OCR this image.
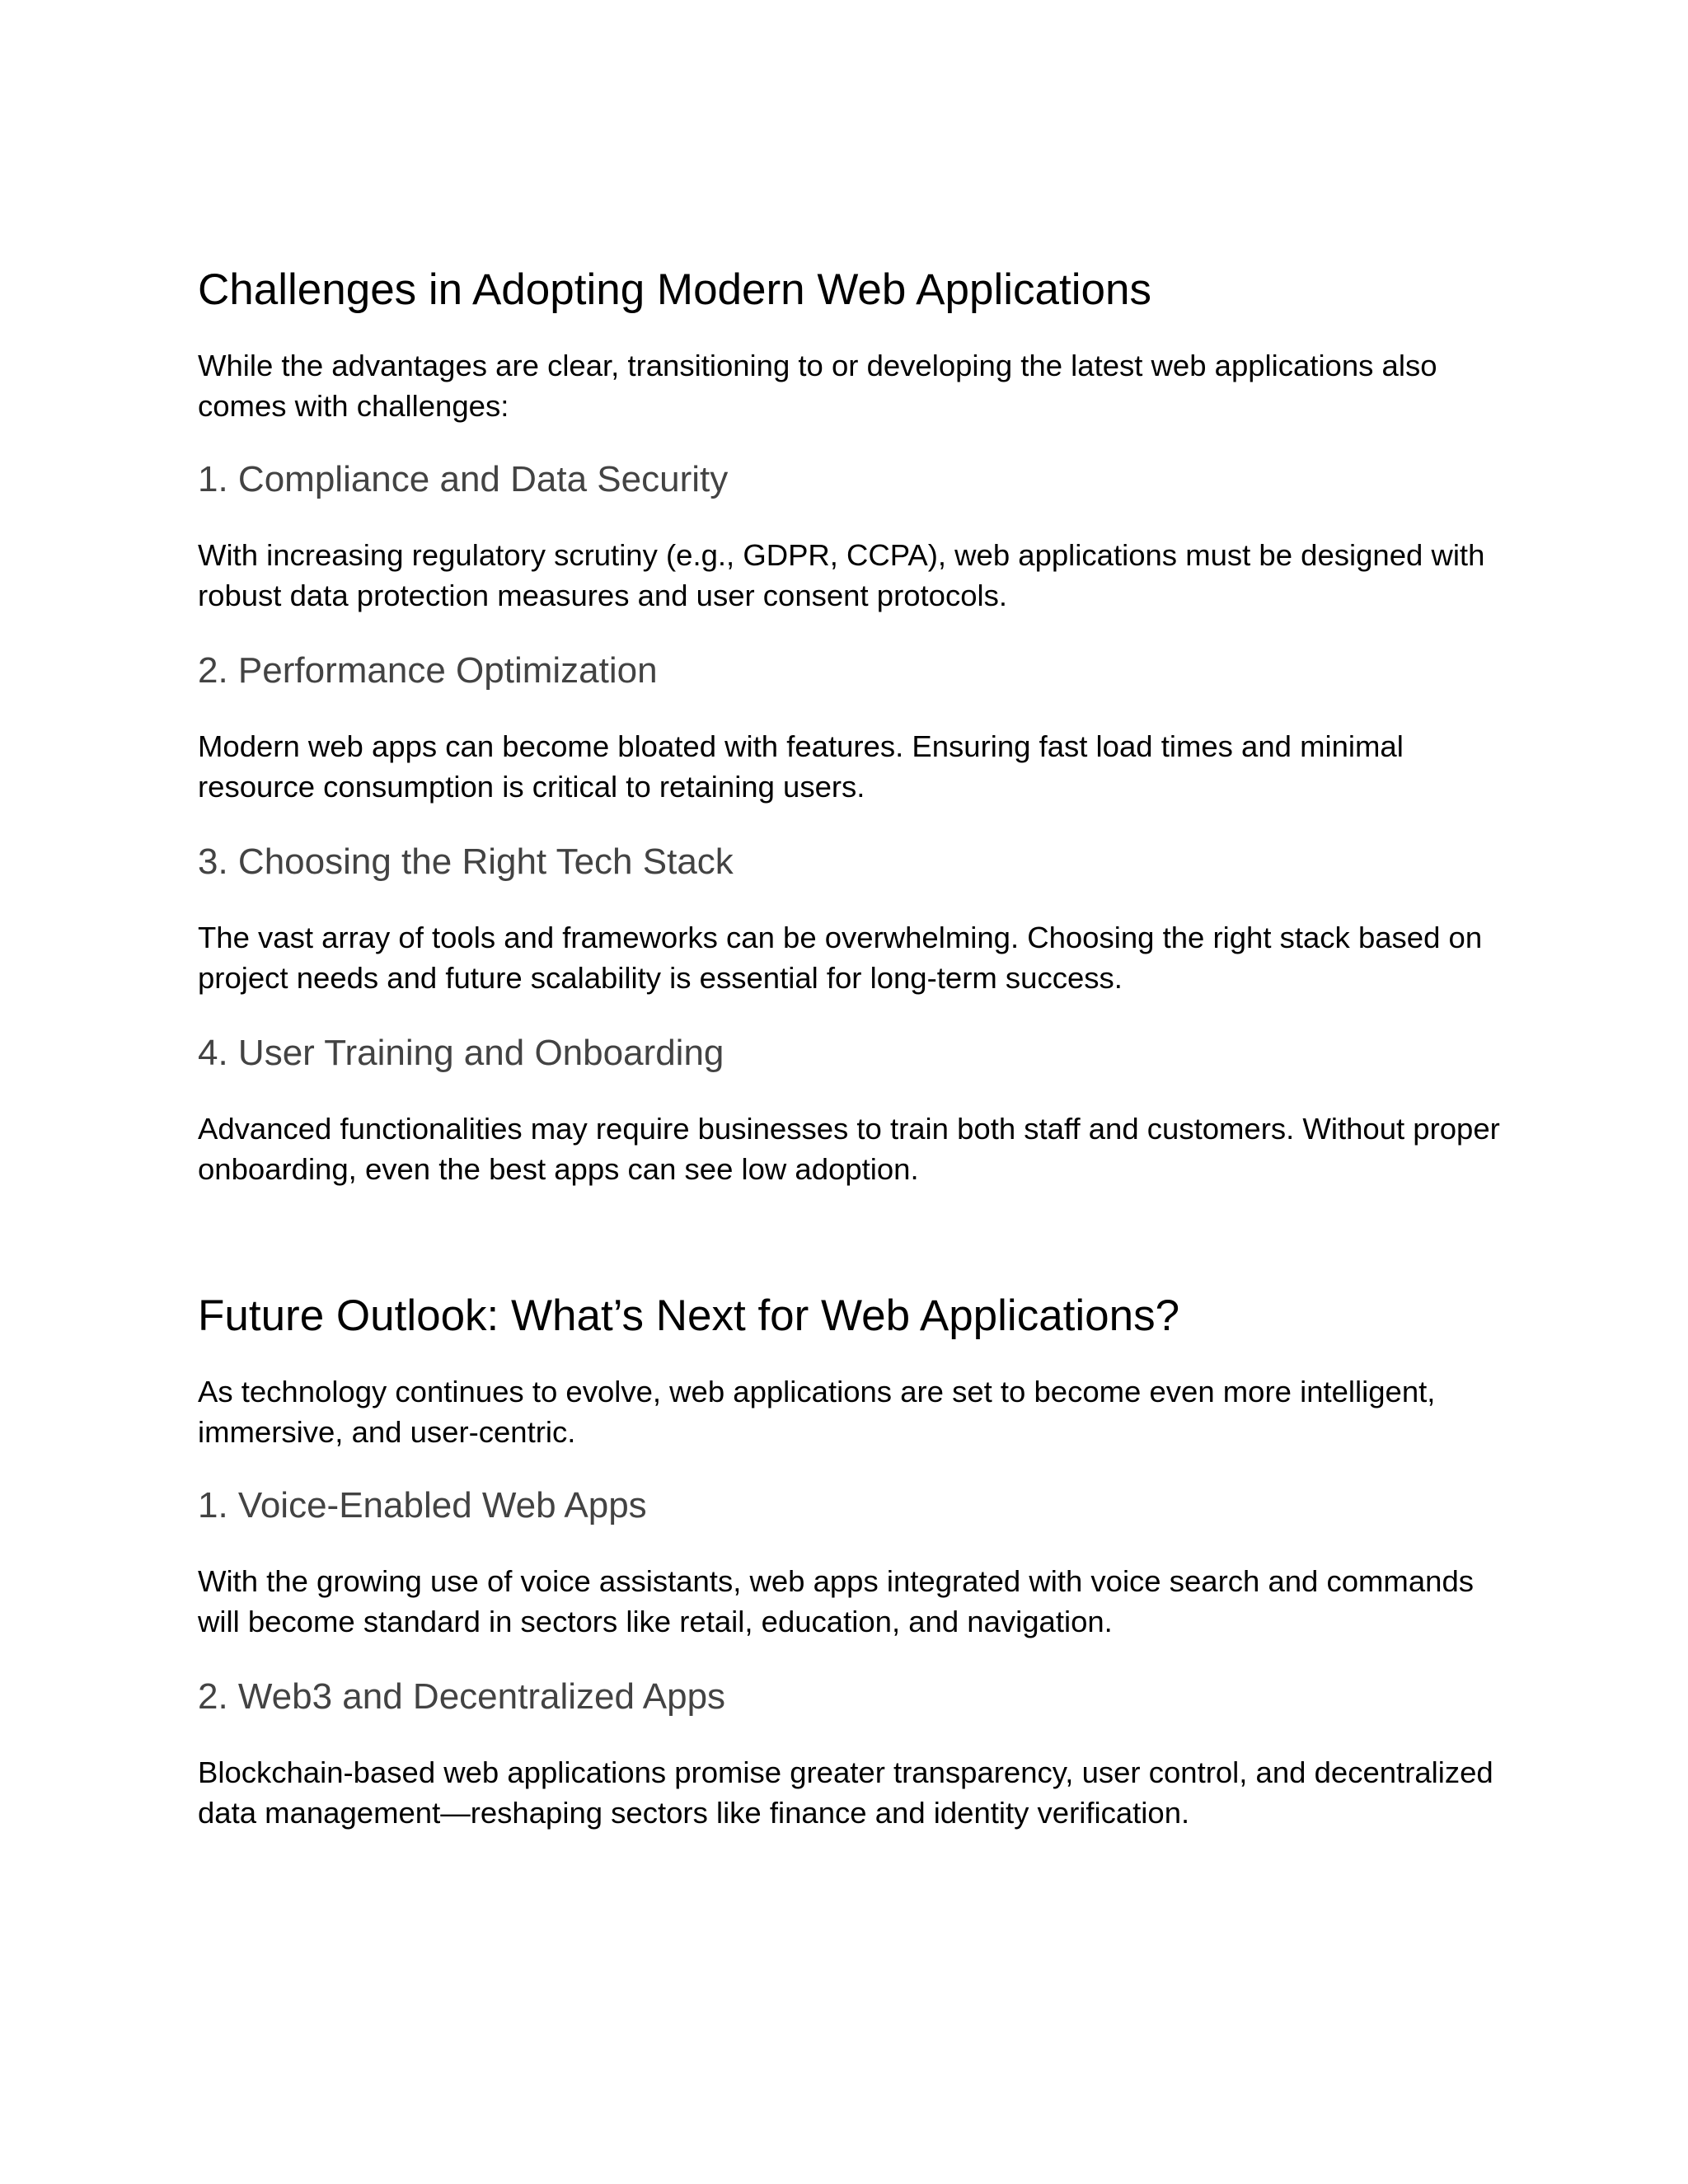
Challenges in Adopting Modern Web Applications

While the advantages are clear, transitioning to or developing the latest web applications also comes with challenges:

1. Compliance and Data Security

With increasing regulatory scrutiny (e.g., GDPR, CCPA), web applications must be designed with robust data protection measures and user consent protocols.

2. Performance Optimization

Modern web apps can become bloated with features. Ensuring fast load times and minimal resource consumption is critical to retaining users.

3. Choosing the Right Tech Stack

The vast array of tools and frameworks can be overwhelming. Choosing the right stack based on project needs and future scalability is essential for long-term success.

4. User Training and Onboarding

Advanced functionalities may require businesses to train both staff and customers. Without proper onboarding, even the best apps can see low adoption.

Future Outlook: What’s Next for Web Applications?

As technology continues to evolve, web applications are set to become even more intelligent, immersive, and user-centric.

1. Voice-Enabled Web Apps

With the growing use of voice assistants, web apps integrated with voice search and commands will become standard in sectors like retail, education, and navigation.

2. Web3 and Decentralized Apps

Blockchain-based web applications promise greater transparency, user control, and decentralized data management—reshaping sectors like finance and identity verification.
